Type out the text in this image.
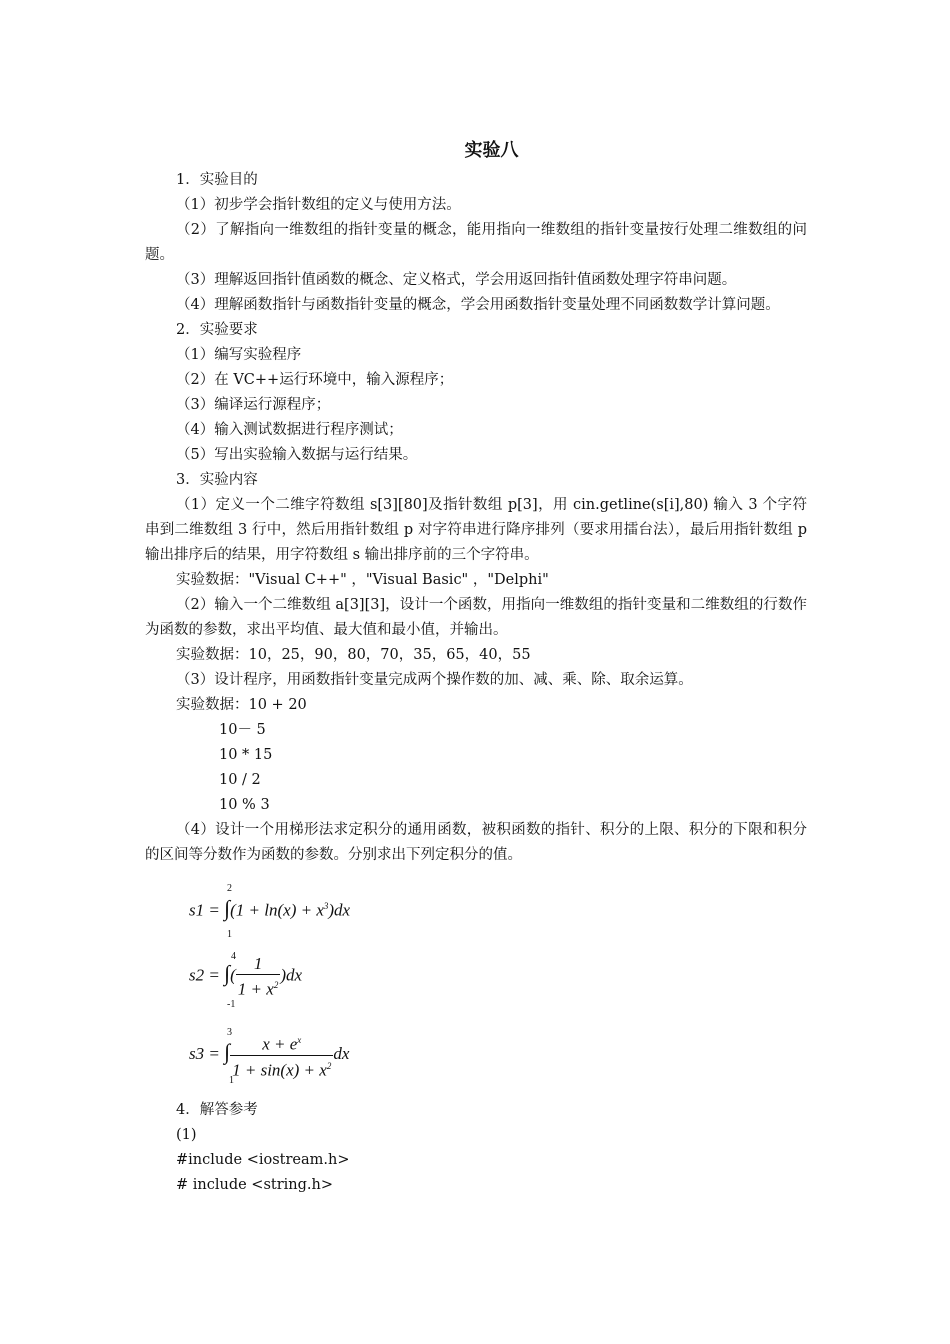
实验八

1．实验目的

（1）初步学会指针数组的定义与使用方法。

（2）了解指向一维数组的指针变量的概念，能用指向一维数组的指针变量按行处理二维数组的问题。

（3）理解返回指针值函数的概念、定义格式，学会用返回指针值函数处理字符串问题。

（4）理解函数指针与函数指针变量的概念，学会用函数指针变量处理不同函数数学计算问题。

2．实验要求

（1）编写实验程序

（2）在 VC++运行环境中，输入源程序；

（3）编译运行源程序；

（4）输入测试数据进行程序测试；

（5）写出实验输入数据与运行结果。

3．实验内容

（1）定义一个二维字符数组 s[3][80]及指针数组 p[3]，用 cin.getline(s[i],80) 输入 3 个字符串到二维数组 3 行中，然后用指针数组 p 对字符串进行降序排列（要求用擂台法），最后用指针数组 p 输出排序后的结果，用字符数组 s 输出排序前的三个字符串。

实验数据："Visual C++" ，"Visual Basic" ，"Delphi"

（2）输入一个二维数组 a[3][3]，设计一个函数，用指向一维数组的指针变量和二维数组的行数作为函数的参数，求出平均值、最大值和最小值，并输出。

实验数据：10，25，90，80，70，35，65，40，55

（3）设计程序，用函数指针变量完成两个操作数的加、减、乘、除、取余运算。

实验数据：10 + 20

10－ 5

10 * 15

10 / 2

10 % 3

（4）设计一个用梯形法求定积分的通用函数，被积函数的指针、积分的上限、积分的下限和积分的区间等分数作为函数的参数。分别求出下列定积分的值。

2
$s1 = \int(1 + \ln(x) + x^3)dx$
1
4
s2 = ∫( $\frac{1}{1 + x^2} )dx$
-1
3
s3 = ∫ $\frac{x + e^x}{1 + \sin(x) + x^2}$ dx
1

4．解答参考

(1)

#include <iostream.h>

# include <string.h>
